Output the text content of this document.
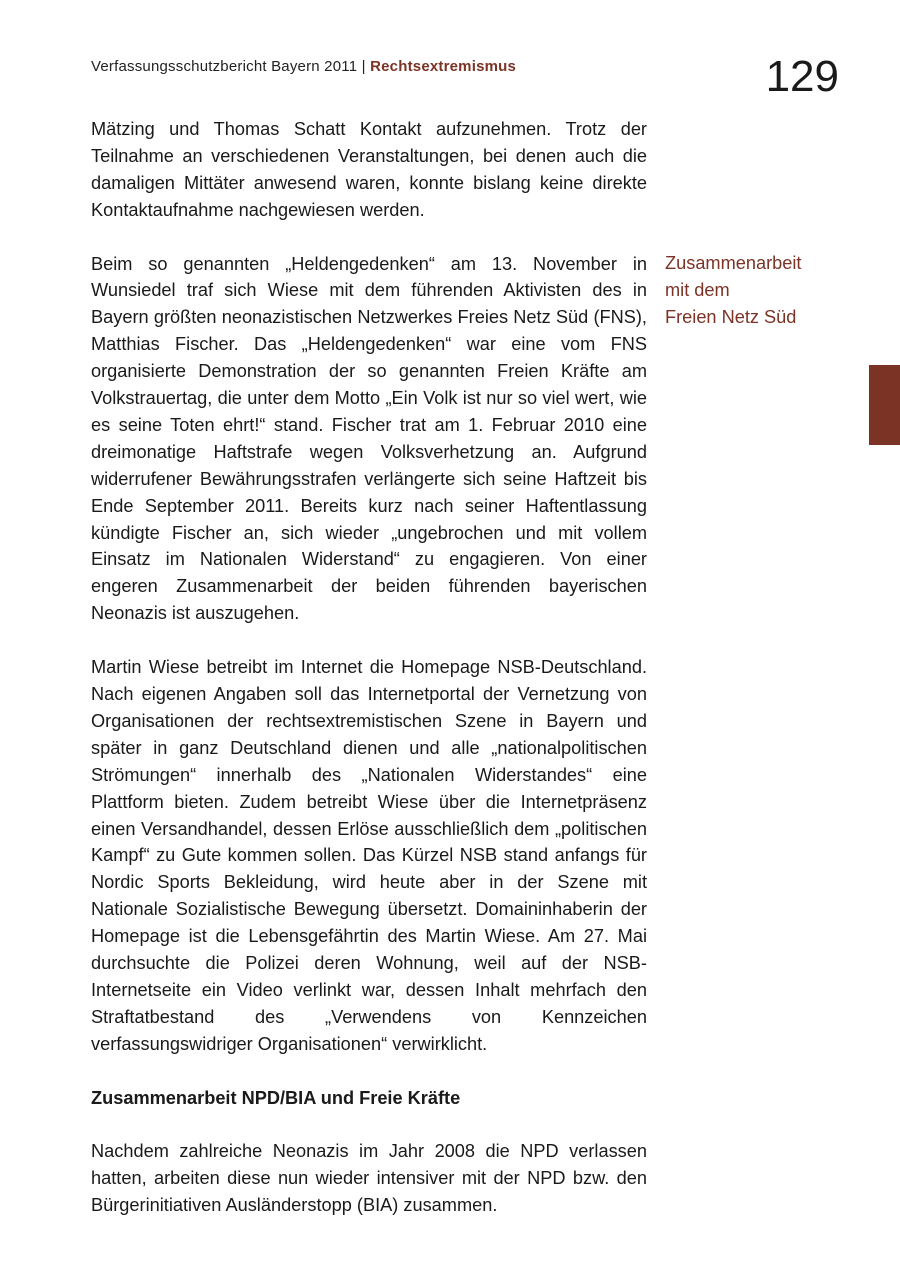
Verfassungsschutzbericht Bayern 2011 | Rechtsextremismus	129
Zusammenarbeit
mit dem
Freien Netz Süd

Mätzing und Thomas Schatt Kontakt aufzunehmen. Trotz der Teilnahme an verschiedenen Veranstaltungen, bei denen auch die damaligen Mittäter anwesend waren, konnte bislang keine direkte Kontaktaufnahme nachgewiesen werden.

Beim so genannten „Heldengedenken“ am 13. November in Wunsiedel traf sich Wiese mit dem führenden Aktivisten des in Bayern größten neonazistischen Netzwerkes Freies Netz Süd (FNS), Matthias Fischer. Das „Heldengedenken“ war eine vom FNS organisierte Demonstration der so genannten Freien Kräfte am Volkstrauertag, die unter dem Motto „Ein Volk ist nur so viel wert, wie es seine Toten ehrt!“ stand. Fischer trat am 1. Februar 2010 eine dreimonatige Haftstrafe wegen Volksverhetzung an. Aufgrund widerrufener Bewährungsstrafen verlängerte sich seine Haftzeit bis Ende September 2011. Bereits kurz nach seiner Haftentlassung kündigte Fischer an, sich wieder „ungebrochen und mit vollem Einsatz im Nationalen Widerstand“ zu engagieren. Von einer engeren Zusammenarbeit der beiden führenden bayerischen Neonazis ist auszugehen.

Martin Wiese betreibt im Internet die Homepage NSB-Deutschland. Nach eigenen Angaben soll das Internetportal der Vernetzung von Organisationen der rechtsextremistischen Szene in Bayern und später in ganz Deutschland dienen und alle „nationalpolitischen Strömungen“ innerhalb des „Nationalen Widerstandes“ eine Plattform bieten. Zudem betreibt Wiese über die Internetpräsenz einen Versandhandel, dessen Erlöse ausschließlich dem „politischen Kampf“ zu Gute kommen sollen. Das Kürzel NSB stand anfangs für Nordic Sports Bekleidung, wird heute aber in der Szene mit Nationale Sozialistische Bewegung übersetzt. Domaininhaberin der Homepage ist die Lebensgefährtin des Martin Wiese. Am 27. Mai durchsuchte die Polizei deren Wohnung, weil auf der NSB-Internetseite ein Video verlinkt war, dessen Inhalt mehrfach den Straftatbestand des „Verwendens von Kennzeichen verfassungswidriger Organisationen“ verwirklicht.

Zusammenarbeit NPD/BIA und Freie Kräfte

Nachdem zahlreiche Neonazis im Jahr 2008 die NPD verlassen hatten, arbeiten diese nun wieder intensiver mit der NPD bzw. den Bürgerinitiativen Ausländerstopp (BIA) zusammen.
